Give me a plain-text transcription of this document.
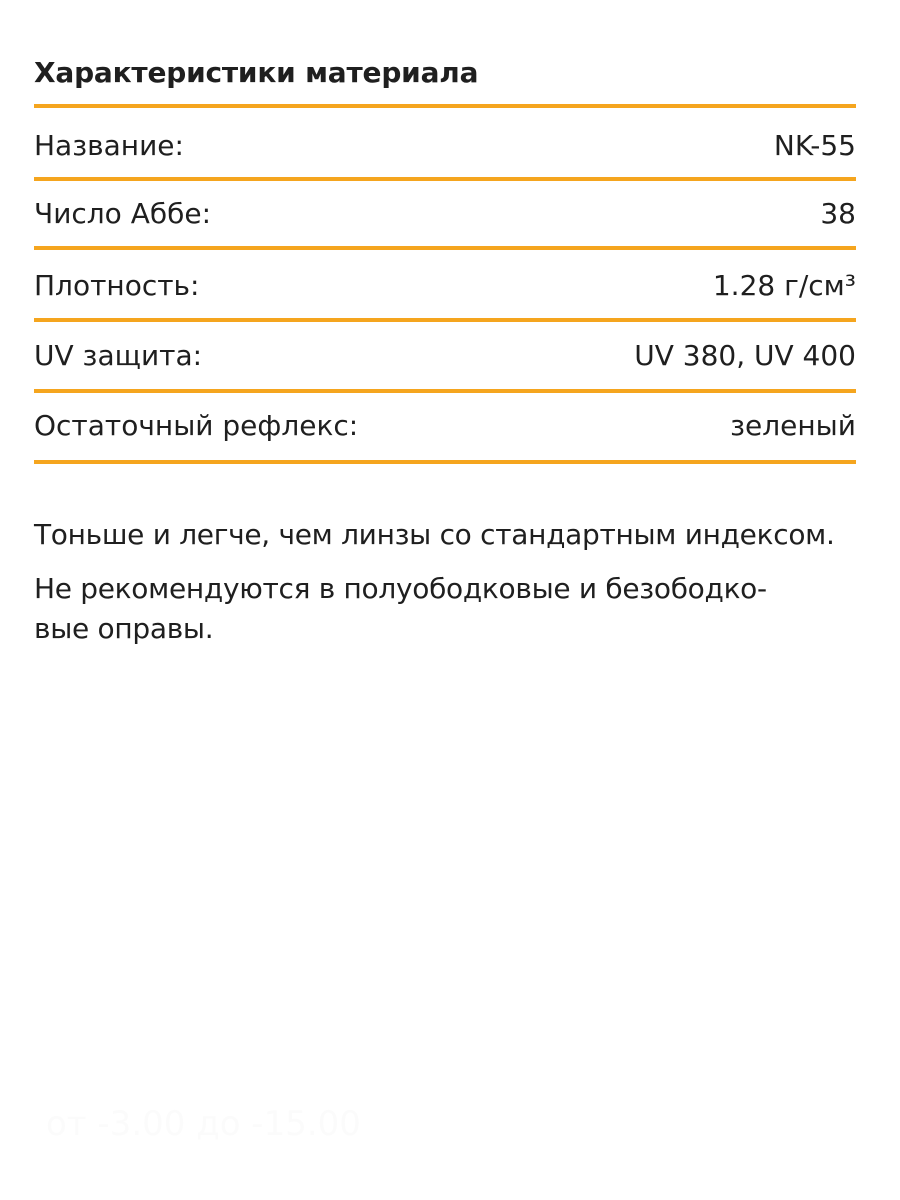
Характеристики материала
Название:	NK-55
Число Аббе:	38
Плотность:	1.28 г/см³
UV защита:	UV 380, UV 400
Остаточный рефлекс:	зеленый
Тоньше и легче, чем линзы со стандартным индексом.
Не рекомендуются в полуободковые и безободко-
вые оправы.
от -3.00 до -15.00
